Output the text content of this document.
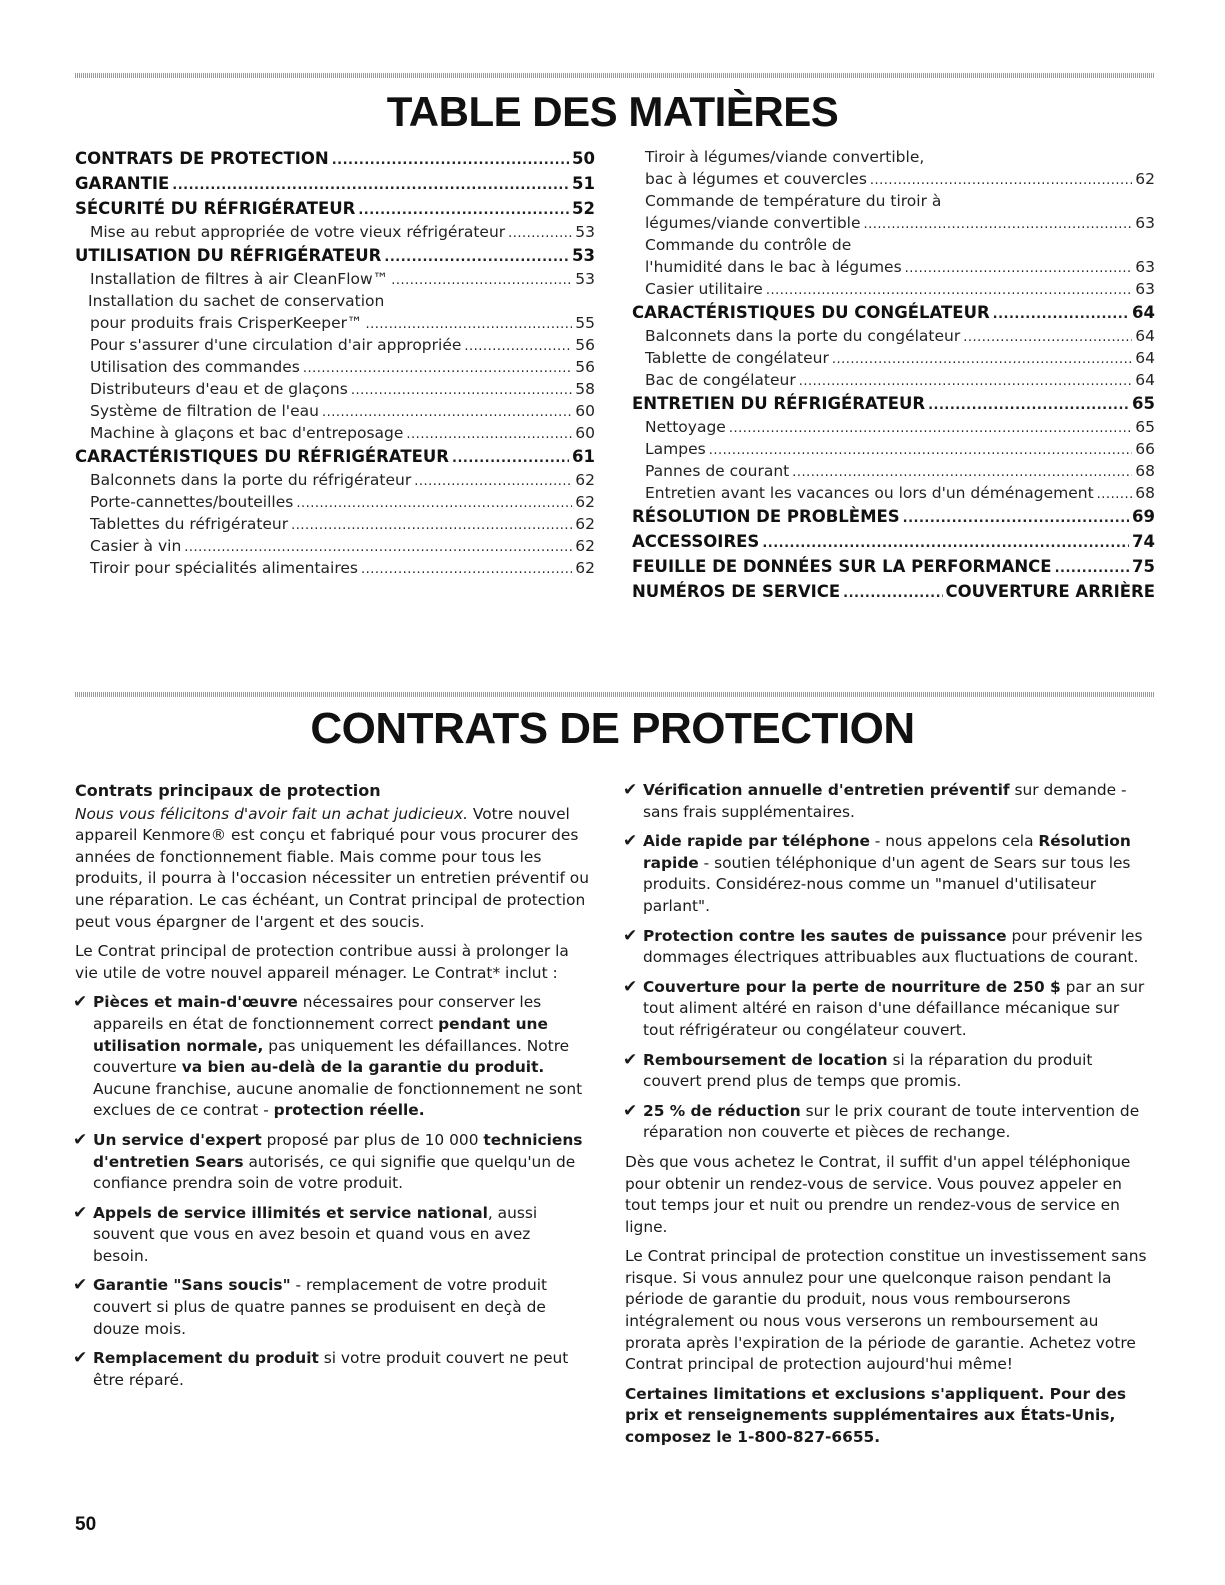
TABLE DES MATIÈRES
CONTRATS DE PROTECTION .....	50
GARANTIE .....	51
SÉCURITÉ DU RÉFRIGÉRATEUR .....	52
Mise au rebut appropriée de votre vieux réfrigérateur .....	53
UTILISATION DU RÉFRIGÉRATEUR .....	53
Installation de filtres à air CleanFlow™ .....	53
Installation du sachet de conservation
pour produits frais CrisperKeeper™ .....	55
Pour s'assurer d'une circulation d'air appropriée .....	56
Utilisation des commandes .....	56
Distributeurs d'eau et de glaçons .....	58
Système de filtration de l'eau .....	60
Machine à glaçons et bac d'entreposage .....	60
CARACTÉRISTIQUES DU RÉFRIGÉRATEUR .....	61
Balconnets dans la porte du réfrigérateur .....	62
Porte-cannettes/bouteilles .....	62
Tablettes du réfrigérateur .....	62
Casier à vin .....	62
Tiroir pour spécialités alimentaires .....	62
Tiroir à légumes/viande convertible,
bac à légumes et couvercles .....	62
Commande de température du tiroir à
légumes/viande convertible .....	63
Commande du contrôle de
l'humidité dans le bac à légumes .....	63
Casier utilitaire .....	63
CARACTÉRISTIQUES DU CONGÉLATEUR .....	64
Balconnets dans la porte du congélateur .....	64
Tablette de congélateur .....	64
Bac de congélateur .....	64
ENTRETIEN DU RÉFRIGÉRATEUR .....	65
Nettoyage .....	65
Lampes .....	66
Pannes de courant .....	68
Entretien avant les vacances ou lors d'un déménagement .....	68
RÉSOLUTION DE PROBLÈMES .....	69
ACCESSOIRES .....	74
FEUILLE DE DONNÉES SUR LA PERFORMANCE .....	75
NUMÉROS DE SERVICE .....	COUVERTURE ARRIÈRE
CONTRATS DE PROTECTION
Contrats principaux de protection

Nous vous félicitons d'avoir fait un achat judicieux. Votre nouvel appareil Kenmore® est conçu et fabriqué pour vous procurer des années de fonctionnement fiable. Mais comme pour tous les produits, il pourra à l'occasion nécessiter un entretien préventif ou une réparation. Le cas échéant, un Contrat principal de protection peut vous épargner de l'argent et des soucis.

Le Contrat principal de protection contribue aussi à prolonger la vie utile de votre nouvel appareil ménager. Le Contrat* inclut :

✔ Pièces et main-d'œuvre nécessaires pour conserver les appareils en état de fonctionnement correct pendant une utilisation normale, pas uniquement les défaillances. Notre couverture va bien au-delà de la garantie du produit. Aucune franchise, aucune anomalie de fonctionnement ne sont exclues de ce contrat - protection réelle.
✔ Un service d'expert proposé par plus de 10 000 techniciens d'entretien Sears autorisés, ce qui signifie que quelqu'un de confiance prendra soin de votre produit.
✔ Appels de service illimités et service national, aussi souvent que vous en avez besoin et quand vous en avez besoin.
✔ Garantie "Sans soucis" - remplacement de votre produit couvert si plus de quatre pannes se produisent en deçà de douze mois.
✔ Remplacement du produit si votre produit couvert ne peut être réparé.
✔ Vérification annuelle d'entretien préventif sur demande - sans frais supplémentaires.
✔ Aide rapide par téléphone - nous appelons cela Résolution rapide - soutien téléphonique d'un agent de Sears sur tous les produits. Considérez-nous comme un "manuel d'utilisateur parlant".
✔ Protection contre les sautes de puissance pour prévenir les dommages électriques attribuables aux fluctuations de courant.
✔ Couverture pour la perte de nourriture de 250 $ par an sur tout aliment altéré en raison d'une défaillance mécanique sur tout réfrigérateur ou congélateur couvert.
✔ Remboursement de location si la réparation du produit couvert prend plus de temps que promis.
✔ 25 % de réduction sur le prix courant de toute intervention de réparation non couverte et pièces de rechange.

Dès que vous achetez le Contrat, il suffit d'un appel téléphonique pour obtenir un rendez-vous de service. Vous pouvez appeler en tout temps jour et nuit ou prendre un rendez-vous de service en ligne.

Le Contrat principal de protection constitue un investissement sans risque. Si vous annulez pour une quelconque raison pendant la période de garantie du produit, nous vous rembourserons intégralement ou nous vous verserons un remboursement au prorata après l'expiration de la période de garantie. Achetez votre Contrat principal de protection aujourd'hui même!

Certaines limitations et exclusions s'appliquent. Pour des prix et renseignements supplémentaires aux États-Unis, composez le 1-800-827-6655.

50
